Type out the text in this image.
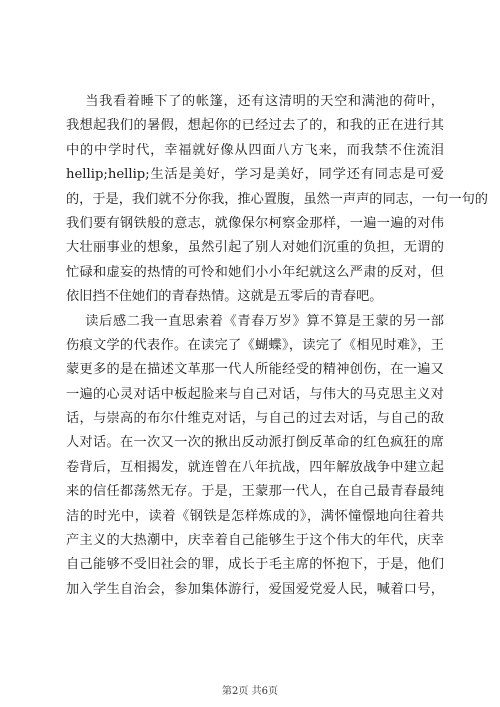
当我看着睡下了的帐篷，还有这清明的天空和满池的荷叶，
我想起我们的暑假，想起你的已经过去了的，和我的正在进行其
中的中学时代，幸福就好像从四面八方飞来，而我禁不住流泪
hellip;hellip;生活是美好，学习是美好，同学还有同志是可爱
的，于是，我们就不分你我，推心置腹，虽然一声声的同志，一句一句的
我们要有钢铁般的意志，就像保尔柯察金那样，一遍一遍的对伟
大壮丽事业的想象，虽然引起了别人对她们沉重的负担，无谓的
忙碌和虚妄的热情的可怜和她们小小年纪就这么严肃的反对，但
依旧挡不住她们的青春热情。这就是五零后的青春吧。
读后感二我一直思索着《青春万岁》算不算是王蒙的另一部
伤痕文学的代表作。在读完了《蝴蝶》，读完了《相见时难》，王
蒙更多的是在描述文革那一代人所能经受的精神创伤，在一遍又
一遍的心灵对话中板起脸来与自己对话，与伟大的马克思主义对
话，与崇高的布尔什维克对话，与自己的过去对话，与自己的敌
人对话。在一次又一次的揪出反动派打倒反革命的红色疯狂的席
卷背后，互相揭发，就连曾在八年抗战，四年解放战争中建立起
来的信任都荡然无存。于是，王蒙那一代人，在自己最青春最纯
洁的时光中，读着《钢铁是怎样炼成的》，满怀憧憬地向往着共
产主义的大热潮中，庆幸着自己能够生于这个伟大的年代，庆幸
自己能够不受旧社会的罪，成长于毛主席的怀抱下，于是，他们
加入学生自治会，参加集体游行，爱国爱党爱人民，喊着口号，
第2页 共6页
